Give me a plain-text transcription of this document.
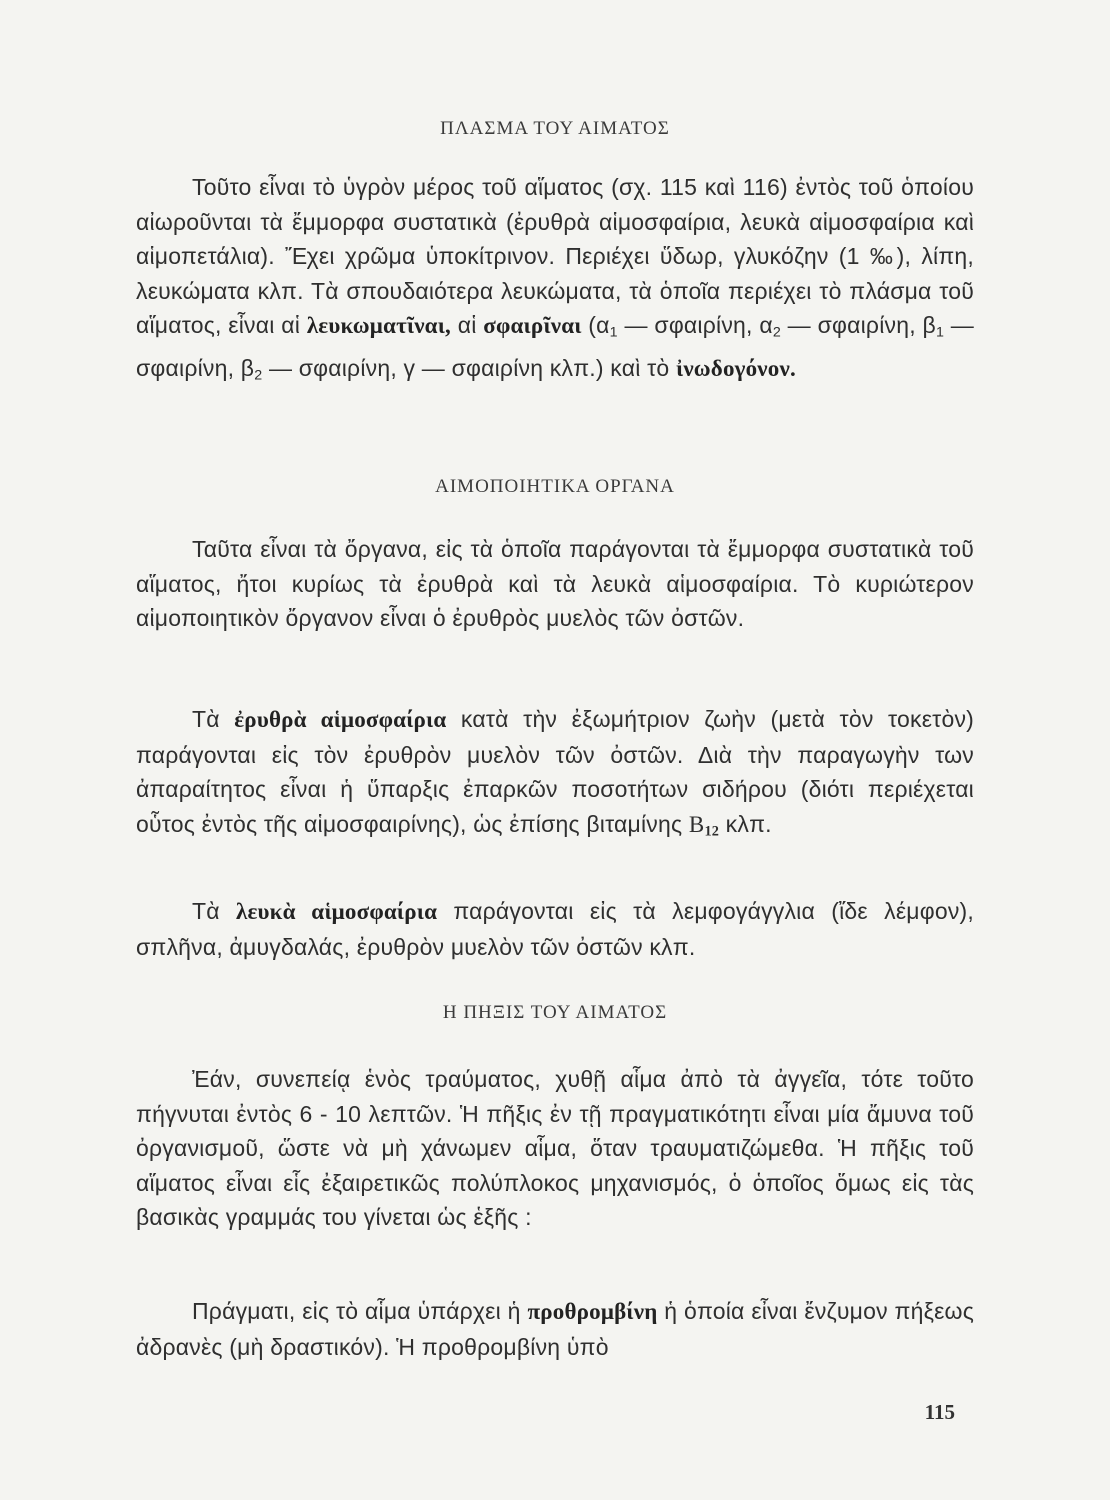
ΠΛΑΣΜΑ ΤΟΥ ΑΙΜΑΤΟΣ
Τοῦτο εἶναι τὸ ὑγρὸν μέρος τοῦ αἵματος (σχ. 115 καὶ 116) ἐντὸς τοῦ ὁποίου αἰωροῦνται τὰ ἔμμορφα συστατικὰ (ἐρυθρὰ αἱμοσφαίρια, λευκὰ αἱμοσφαίρια καὶ αἱμοπετάλια). Ἔχει χρῶμα ὑποκίτρινον. Περιέχει ὕδωρ, γλυκόζην (1 ‰), λίπη, λευκώματα κλπ. Τὰ σπουδαιότερα λευκώματα, τὰ ὁποῖα περιέχει τὸ πλάσμα τοῦ αἵματος, εἶναι αἱ λευκωματῖναι, αἱ σφαιρῖναι ($\alpha_1$ — σφαιρίνη, $\alpha_2$ — σφαιρίνη, $\beta_1$ — σφαιρίνη, $\beta_2$ — σφαιρίνη, γ — σφαιρίνη κλπ.) καὶ τὸ ἰνωδογόνον.
ΑΙΜΟΠΟΙΗΤΙΚΑ ΟΡΓΑΝΑ
Ταῦτα εἶναι τὰ ὄργανα, εἰς τὰ ὁποῖα παράγονται τὰ ἔμμορφα συστατικὰ τοῦ αἵματος, ἤτοι κυρίως τὰ ἐρυθρὰ καὶ τὰ λευκὰ αἱμοσφαίρια. Τὸ κυριώτερον αἱμοποιητικὸν ὄργανον εἶναι ὁ ἐρυθρὸς μυελὸς τῶν ὀστῶν.
Τὰ ἐρυθρὰ αἱμοσφαίρια κατὰ τὴν ἐξωμήτριον ζωὴν (μετὰ τὸν τοκετὸν) παράγονται εἰς τὸν ἐρυθρὸν μυελὸν τῶν ὀστῶν. Διὰ τὴν παραγωγὴν των ἀπαραίτητος εἶναι ἡ ὕπαρξις ἐπαρκῶν ποσοτήτων σιδήρου (διότι περιέχεται οὗτος ἐντὸς τῆς αἱμοσφαιρίνης), ὡς ἐπίσης βιταμίνης $B_{12}$ κλπ.
Τὰ λευκὰ αἱμοσφαίρια παράγονται εἰς τὰ λεμφογάγγλια (ἴδε λέμφον), σπλῆνα, ἀμυγδαλάς, ἐρυθρὸν μυελὸν τῶν ὀστῶν κλπ.
Η ΠΗΞΙΣ ΤΟΥ ΑΙΜΑΤΟΣ
Ἐάν, συνεπείᾳ ἑνὸς τραύματος, χυθῇ αἷμα ἀπὸ τὰ ἀγγεῖα, τότε τοῦτο πήγνυται ἐντὸς 6 - 10 λεπτῶν. Ἡ πῆξις ἐν τῇ πραγματικότητι εἶναι μία ἄμυνα τοῦ ὀργανισμοῦ, ὥστε νὰ μὴ χάνωμεν αἷμα, ὅταν τραυματιζώμεθα. Ἡ πῆξις τοῦ αἵματος εἶναι εἷς ἐξαιρετικῶς πολύπλοκος μηχανισμός, ὁ ὁποῖος ὅμως εἰς τὰς βασικὰς γραμμάς του γίνεται ὡς ἑξῆς :
Πράγματι, εἰς τὸ αἷμα ὑπάρχει ἡ προθρομβίνη ἡ ὁποία εἶναι ἔνζυμον πήξεως ἀδρανὲς (μὴ δραστικόν). Ἡ προθρομβίνη ὑπὸ
115
